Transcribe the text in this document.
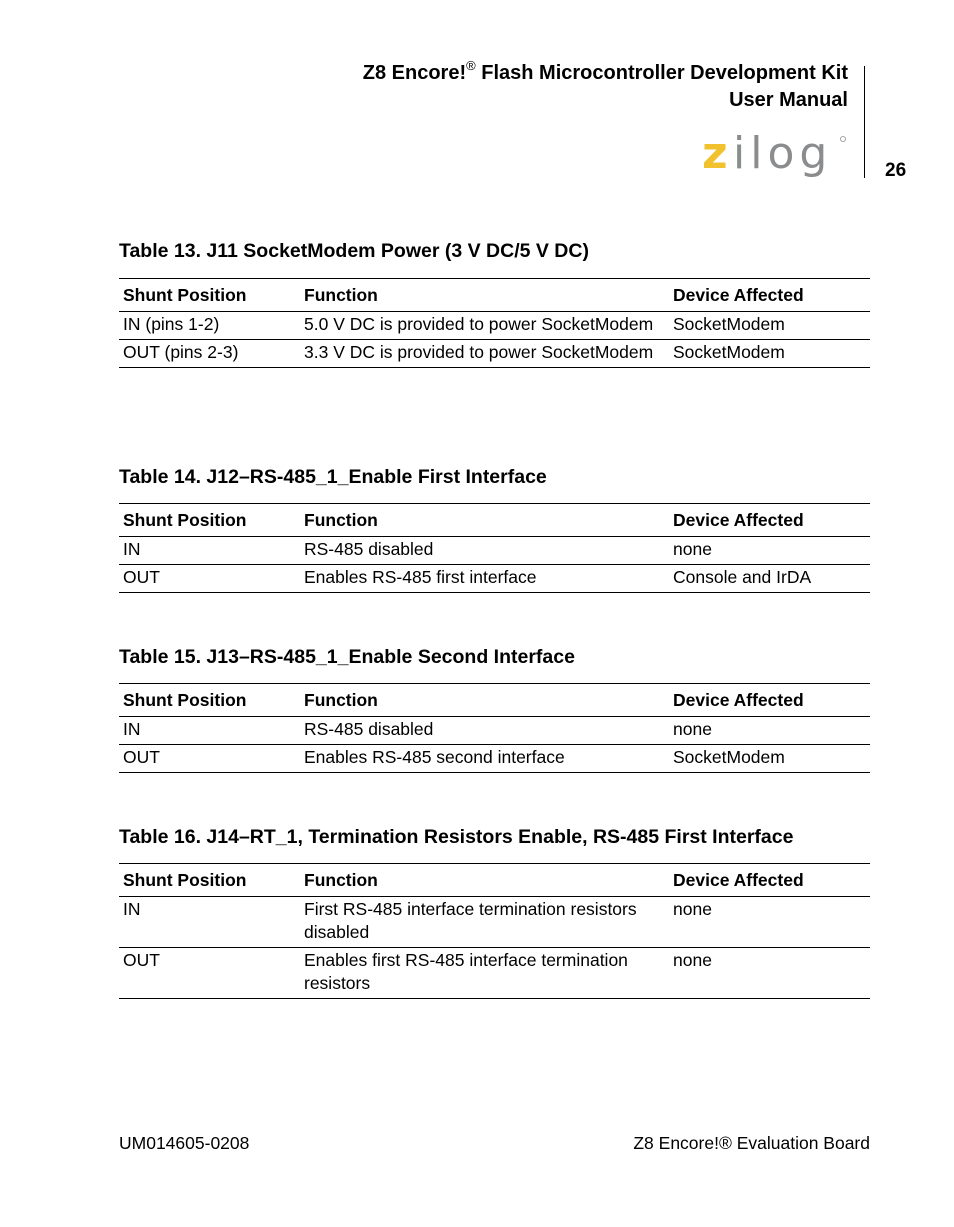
Z8 Encore!® Flash Microcontroller Development Kit
User Manual
z ilog	26
Table 13. J11 SocketModem Power (3 V DC/5 V DC)
Shunt Position	Function	Device Affected
IN (pins 1-2)	5.0 V DC is provided to power SocketModem	SocketModem
OUT (pins 2-3)	3.3 V DC is provided to power SocketModem	SocketModem
Table 14. J12–RS-485_1_Enable First Interface
Shunt Position	Function	Device Affected
IN	RS-485 disabled	none
OUT	Enables RS-485 first interface	Console and IrDA
Table 15. J13–RS-485_1_Enable Second Interface
Shunt Position	Function	Device Affected
IN	RS-485 disabled	none
OUT	Enables RS-485 second interface	SocketModem
Table 16. J14–RT_1, Termination Resistors Enable, RS-485 First Interface
Shunt Position	Function	Device Affected
IN	First RS-485 interface termination resistors disabled	none
OUT	Enables first RS-485 interface termination resistors	none
UM014605-0208	Z8 Encore!® Evaluation Board
